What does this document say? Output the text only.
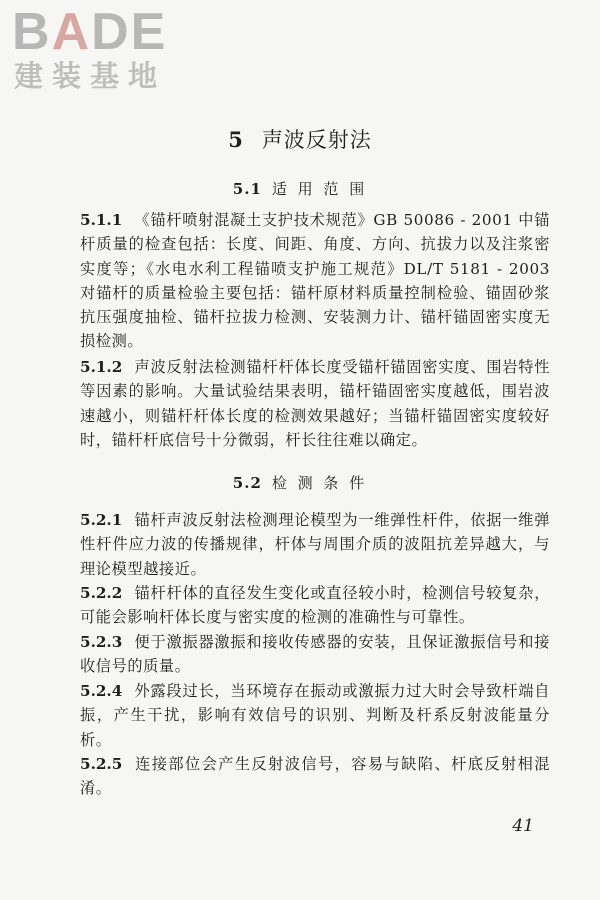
BADE
建装基地
5 声波反射法
5.1 适 用 范 围

5.1.1 《锚杆喷射混凝土支护技术规范》GB 50086 - 2001 中锚杆质量的检查包括：长度、间距、角度、方向、抗拔力以及注浆密实度等；《水电水利工程锚喷支护施工规范》DL/T 5181 - 2003 对锚杆的质量检验主要包括：锚杆原材料质量控制检验、锚固砂浆抗压强度抽检、锚杆拉拔力检测、安装测力计、锚杆锚固密实度无损检测。

5.1.2 声波反射法检测锚杆杆体长度受锚杆锚固密实度、围岩特性等因素的影响。大量试验结果表明，锚杆锚固密实度越低，围岩波速越小，则锚杆杆体长度的检测效果越好；当锚杆锚固密实度较好时，锚杆杆底信号十分微弱，杆长往往难以确定。

5.2 检 测 条 件

5.2.1 锚杆声波反射法检测理论模型为一维弹性杆件，依据一维弹性杆件应力波的传播规律，杆体与周围介质的波阻抗差异越大，与理论模型越接近。

5.2.2 锚杆杆体的直径发生变化或直径较小时，检测信号较复杂，可能会影响杆体长度与密实度的检测的准确性与可靠性。

5.2.3 便于激振器激振和接收传感器的安装，且保证激振信号和接收信号的质量。

5.2.4 外露段过长，当环境存在振动或激振力过大时会导致杆端自振，产生干扰，影响有效信号的识别、判断及杆系反射波能量分析。

5.2.5 连接部位会产生反射波信号，容易与缺陷、杆底反射相混淆。

41
